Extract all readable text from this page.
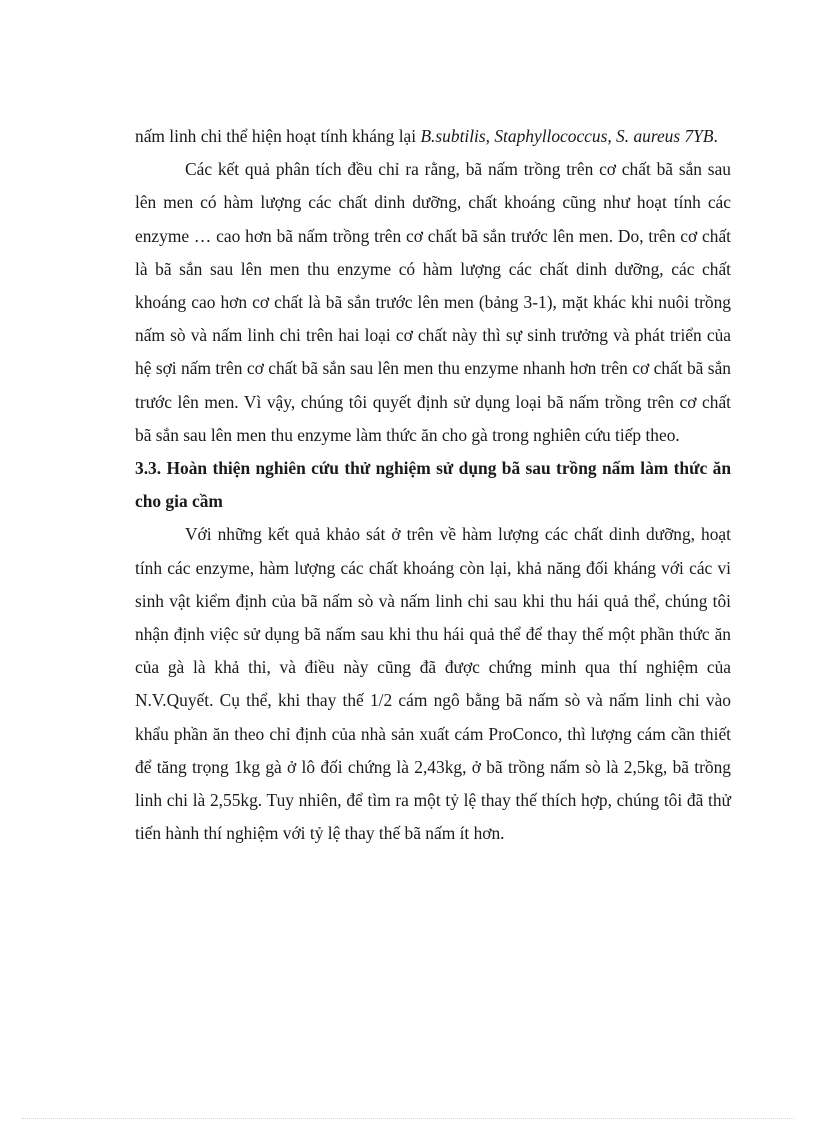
nấm linh chi thể hiện hoạt tính kháng lại B.subtilis, Staphyllococcus, S. aureus 7YB.

Các kết quả phân tích đều chỉ ra rằng, bã nấm trồng trên cơ chất bã sắn sau lên men có hàm lượng các chất dinh dưỡng, chất khoáng cũng như hoạt tính các enzyme … cao hơn bã nấm trồng trên cơ chất bã sắn trước lên men. Do, trên cơ chất là bã sắn sau lên men thu enzyme có hàm lượng các chất dinh dưỡng, các chất khoáng cao hơn cơ chất là bã sắn trước lên men (bảng 3-1), mặt khác khi nuôi trồng nấm sò và nấm linh chi trên hai loại cơ chất này thì sự sinh trưởng và phát triển của hệ sợi nấm trên cơ chất bã sắn sau lên men thu enzyme nhanh hơn trên cơ chất bã sắn trước lên men. Vì vậy, chúng tôi quyết định sử dụng loại bã nấm trồng trên cơ chất bã sắn sau lên men thu enzyme làm thức ăn cho gà trong nghiên cứu tiếp theo.

3.3. Hoàn thiện nghiên cứu thử nghiệm sử dụng bã sau trồng nấm làm thức ăn cho gia cầm

Với những kết quả khảo sát ở trên về hàm lượng các chất dinh dưỡng, hoạt tính các enzyme, hàm lượng các chất khoáng còn lại, khả năng đối kháng với các vi sinh vật kiểm định của bã nấm sò và nấm linh chi sau khi thu hái quả thể, chúng tôi nhận định việc sử dụng bã nấm sau khi thu hái quả thể để thay thế một phần thức ăn của gà là khả thi, và điều này cũng đã được chứng minh qua thí nghiệm của N.V.Quyết. Cụ thể, khi thay thế 1/2 cám ngô bằng bã nấm sò và nấm linh chi vào khẩu phần ăn theo chỉ định của nhà sản xuất cám ProConco, thì lượng cám cần thiết để tăng trọng 1kg gà ở lô đối chứng là 2,43kg, ở bã trồng nấm sò là 2,5kg, bã trồng linh chi là 2,55kg. Tuy nhiên, để tìm ra một tỷ lệ thay thế thích hợp, chúng tôi đã thử tiến hành thí nghiệm với tỷ lệ thay thế bã nấm ít hơn.
